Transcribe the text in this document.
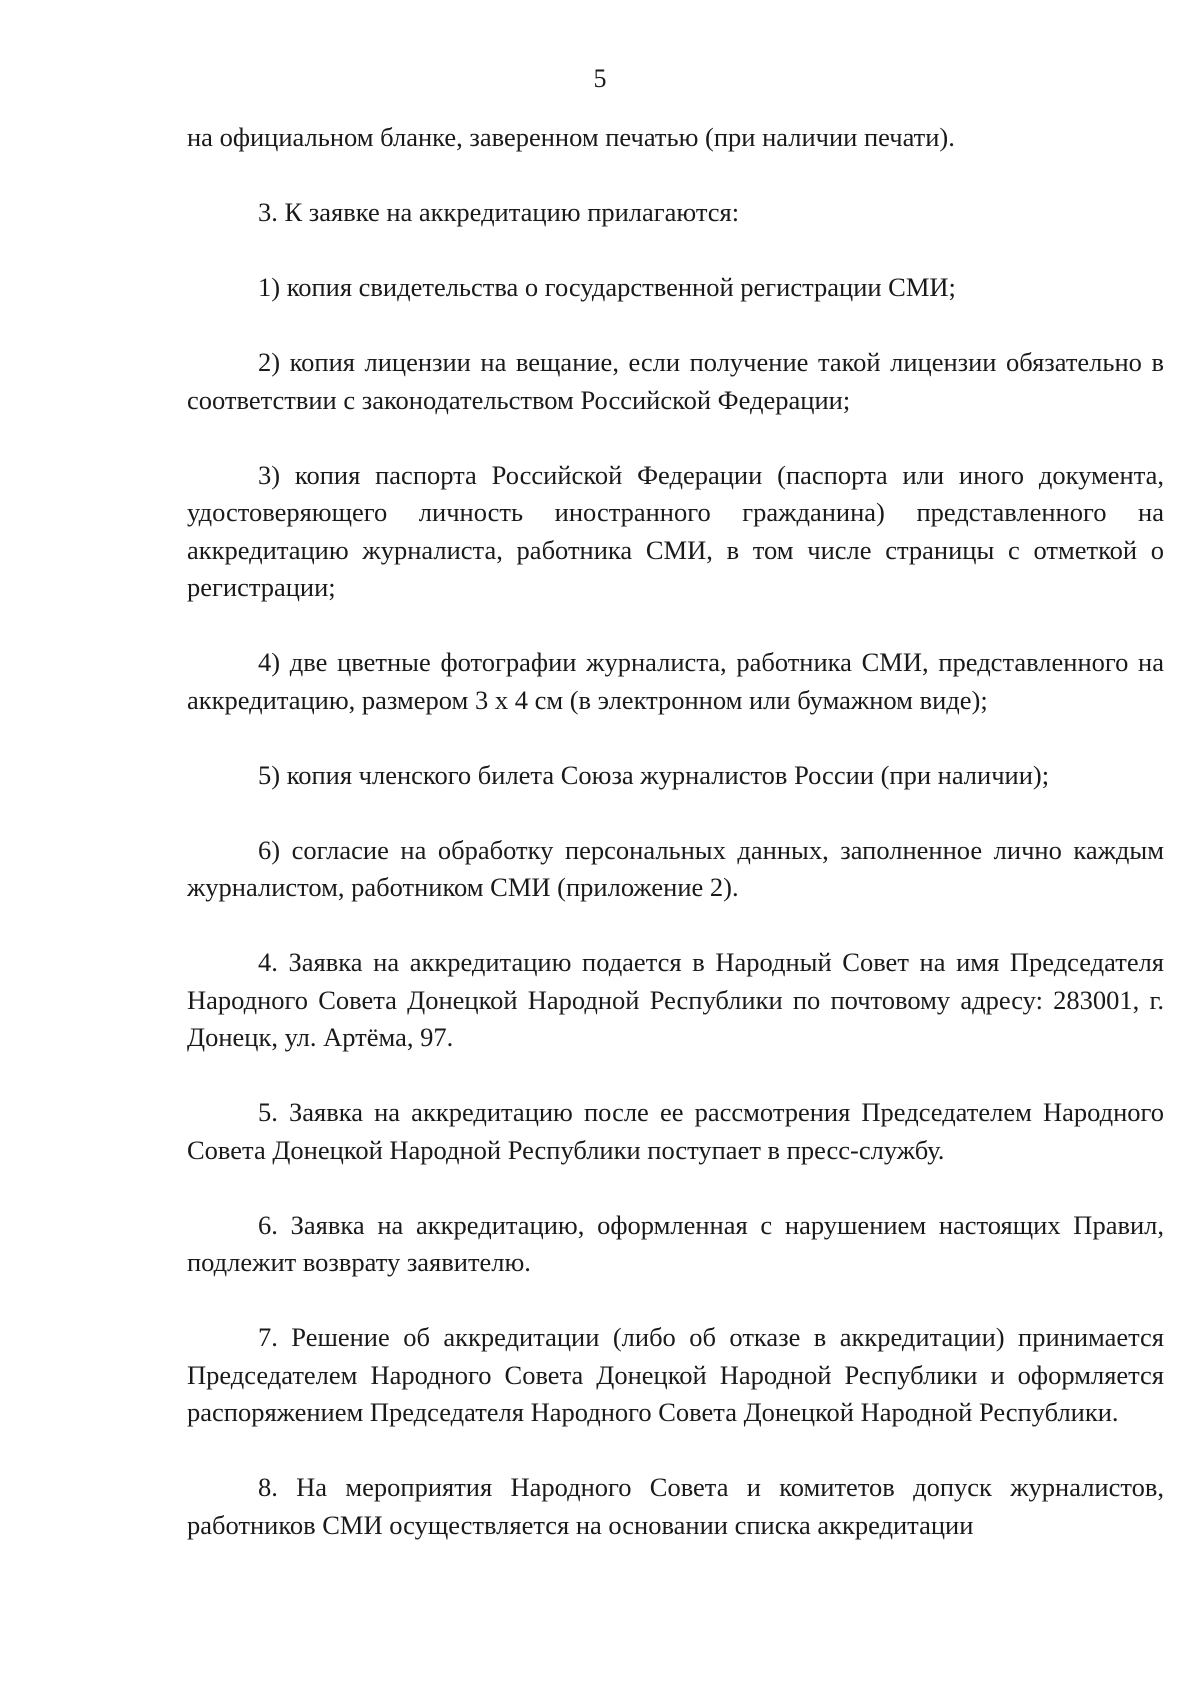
5

на официальном бланке, заверенном печатью (при наличии печати).

3. К заявке на аккредитацию прилагаются:

1) копия свидетельства о государственной регистрации СМИ;

2) копия лицензии на вещание, если получение такой лицензии обязательно в соответствии с законодательством Российской Федерации;

3) копия паспорта Российской Федерации (паспорта или иного документа, удостоверяющего личность иностранного гражданина) представленного на аккредитацию журналиста, работника СМИ, в том числе страницы с отметкой о регистрации;

4) две цветные фотографии журналиста, работника СМИ, представленного на аккредитацию, размером 3 х 4 см (в электронном или бумажном виде);

5) копия членского билета Союза журналистов России (при наличии);

6) согласие на обработку персональных данных, заполненное лично каждым журналистом, работником СМИ (приложение 2).

4. Заявка на аккредитацию подается в Народный Совет на имя Председателя Народного Совета Донецкой Народной Республики по почтовому адресу: 283001, г. Донецк, ул. Артёма, 97.

5. Заявка на аккредитацию после ее рассмотрения Председателем Народного Совета Донецкой Народной Республики поступает в пресс-службу.

6. Заявка на аккредитацию, оформленная с нарушением настоящих Правил, подлежит возврату заявителю.

7. Решение об аккредитации (либо об отказе в аккредитации) принимается Председателем Народного Совета Донецкой Народной Республики и оформляется распоряжением Председателя Народного Совета Донецкой Народной Республики.

8. На мероприятия Народного Совета и комитетов допуск журналистов, работников СМИ осуществляется на основании списка аккредитации
